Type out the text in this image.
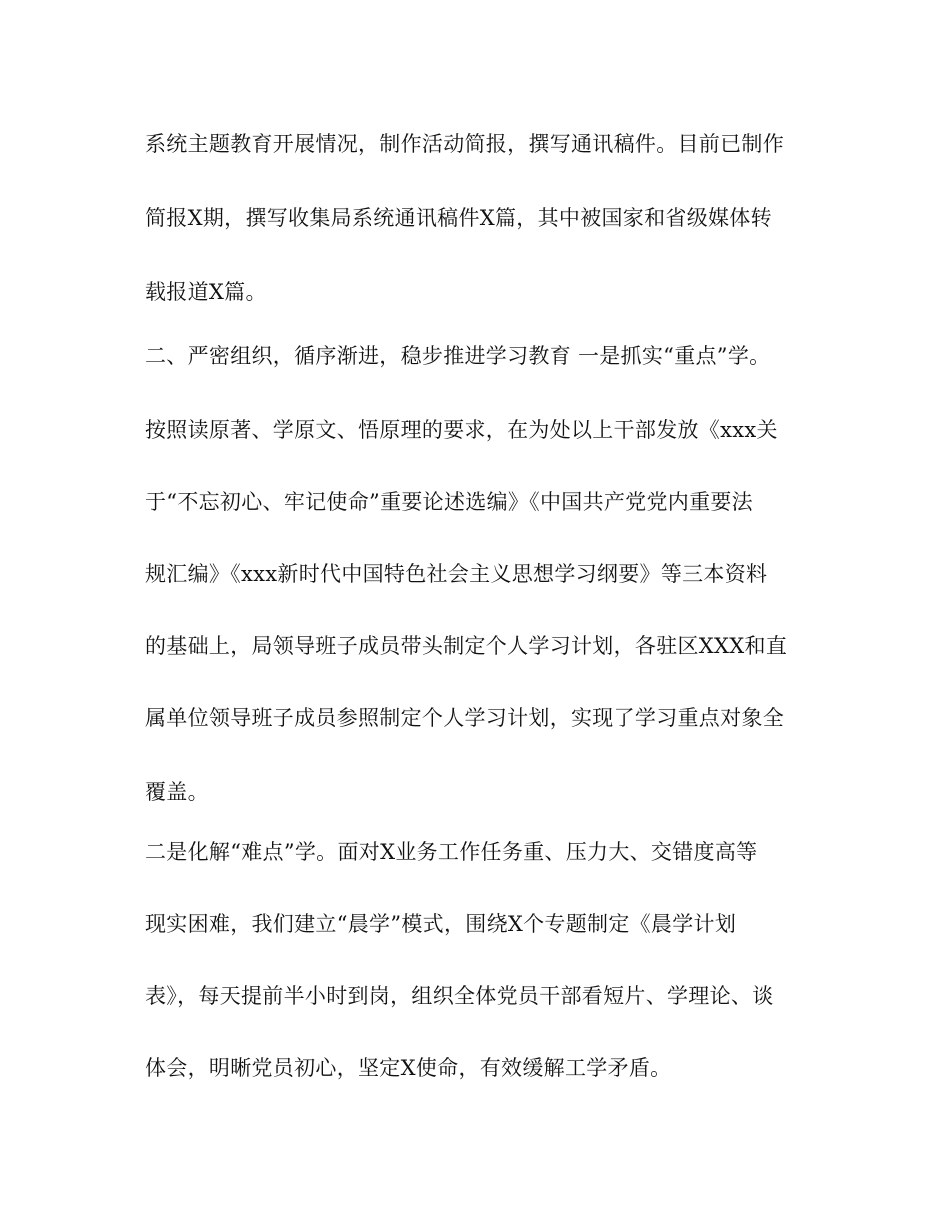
系统主题教育开展情况，制作活动简报，撰写通讯稿件。目前已制作
简报X期，撰写收集局系统通讯稿件X篇，其中被国家和省级媒体转
载报道X篇。
二、严密组织，循序渐进，稳步推进学习教育 一是抓实“重点”学。
按照读原著、学原文、悟原理的要求，在为处以上干部发放《xxx关
于“不忘初心、牢记使命”重要论述选编》《中国共产党党内重要法
规汇编》《xxx新时代中国特色社会主义思想学习纲要》等三本资料
的基础上，局领导班子成员带头制定个人学习计划，各驻区XXX和直
属单位领导班子成员参照制定个人学习计划，实现了学习重点对象全
覆盖。
二是化解“难点”学。面对X业务工作任务重、压力大、交错度高等
现实困难，我们建立“晨学”模式，围绕X个专题制定《晨学计划
表》，每天提前半小时到岗，组织全体党员干部看短片、学理论、谈
体会，明晰党员初心，坚定X使命，有效缓解工学矛盾。
